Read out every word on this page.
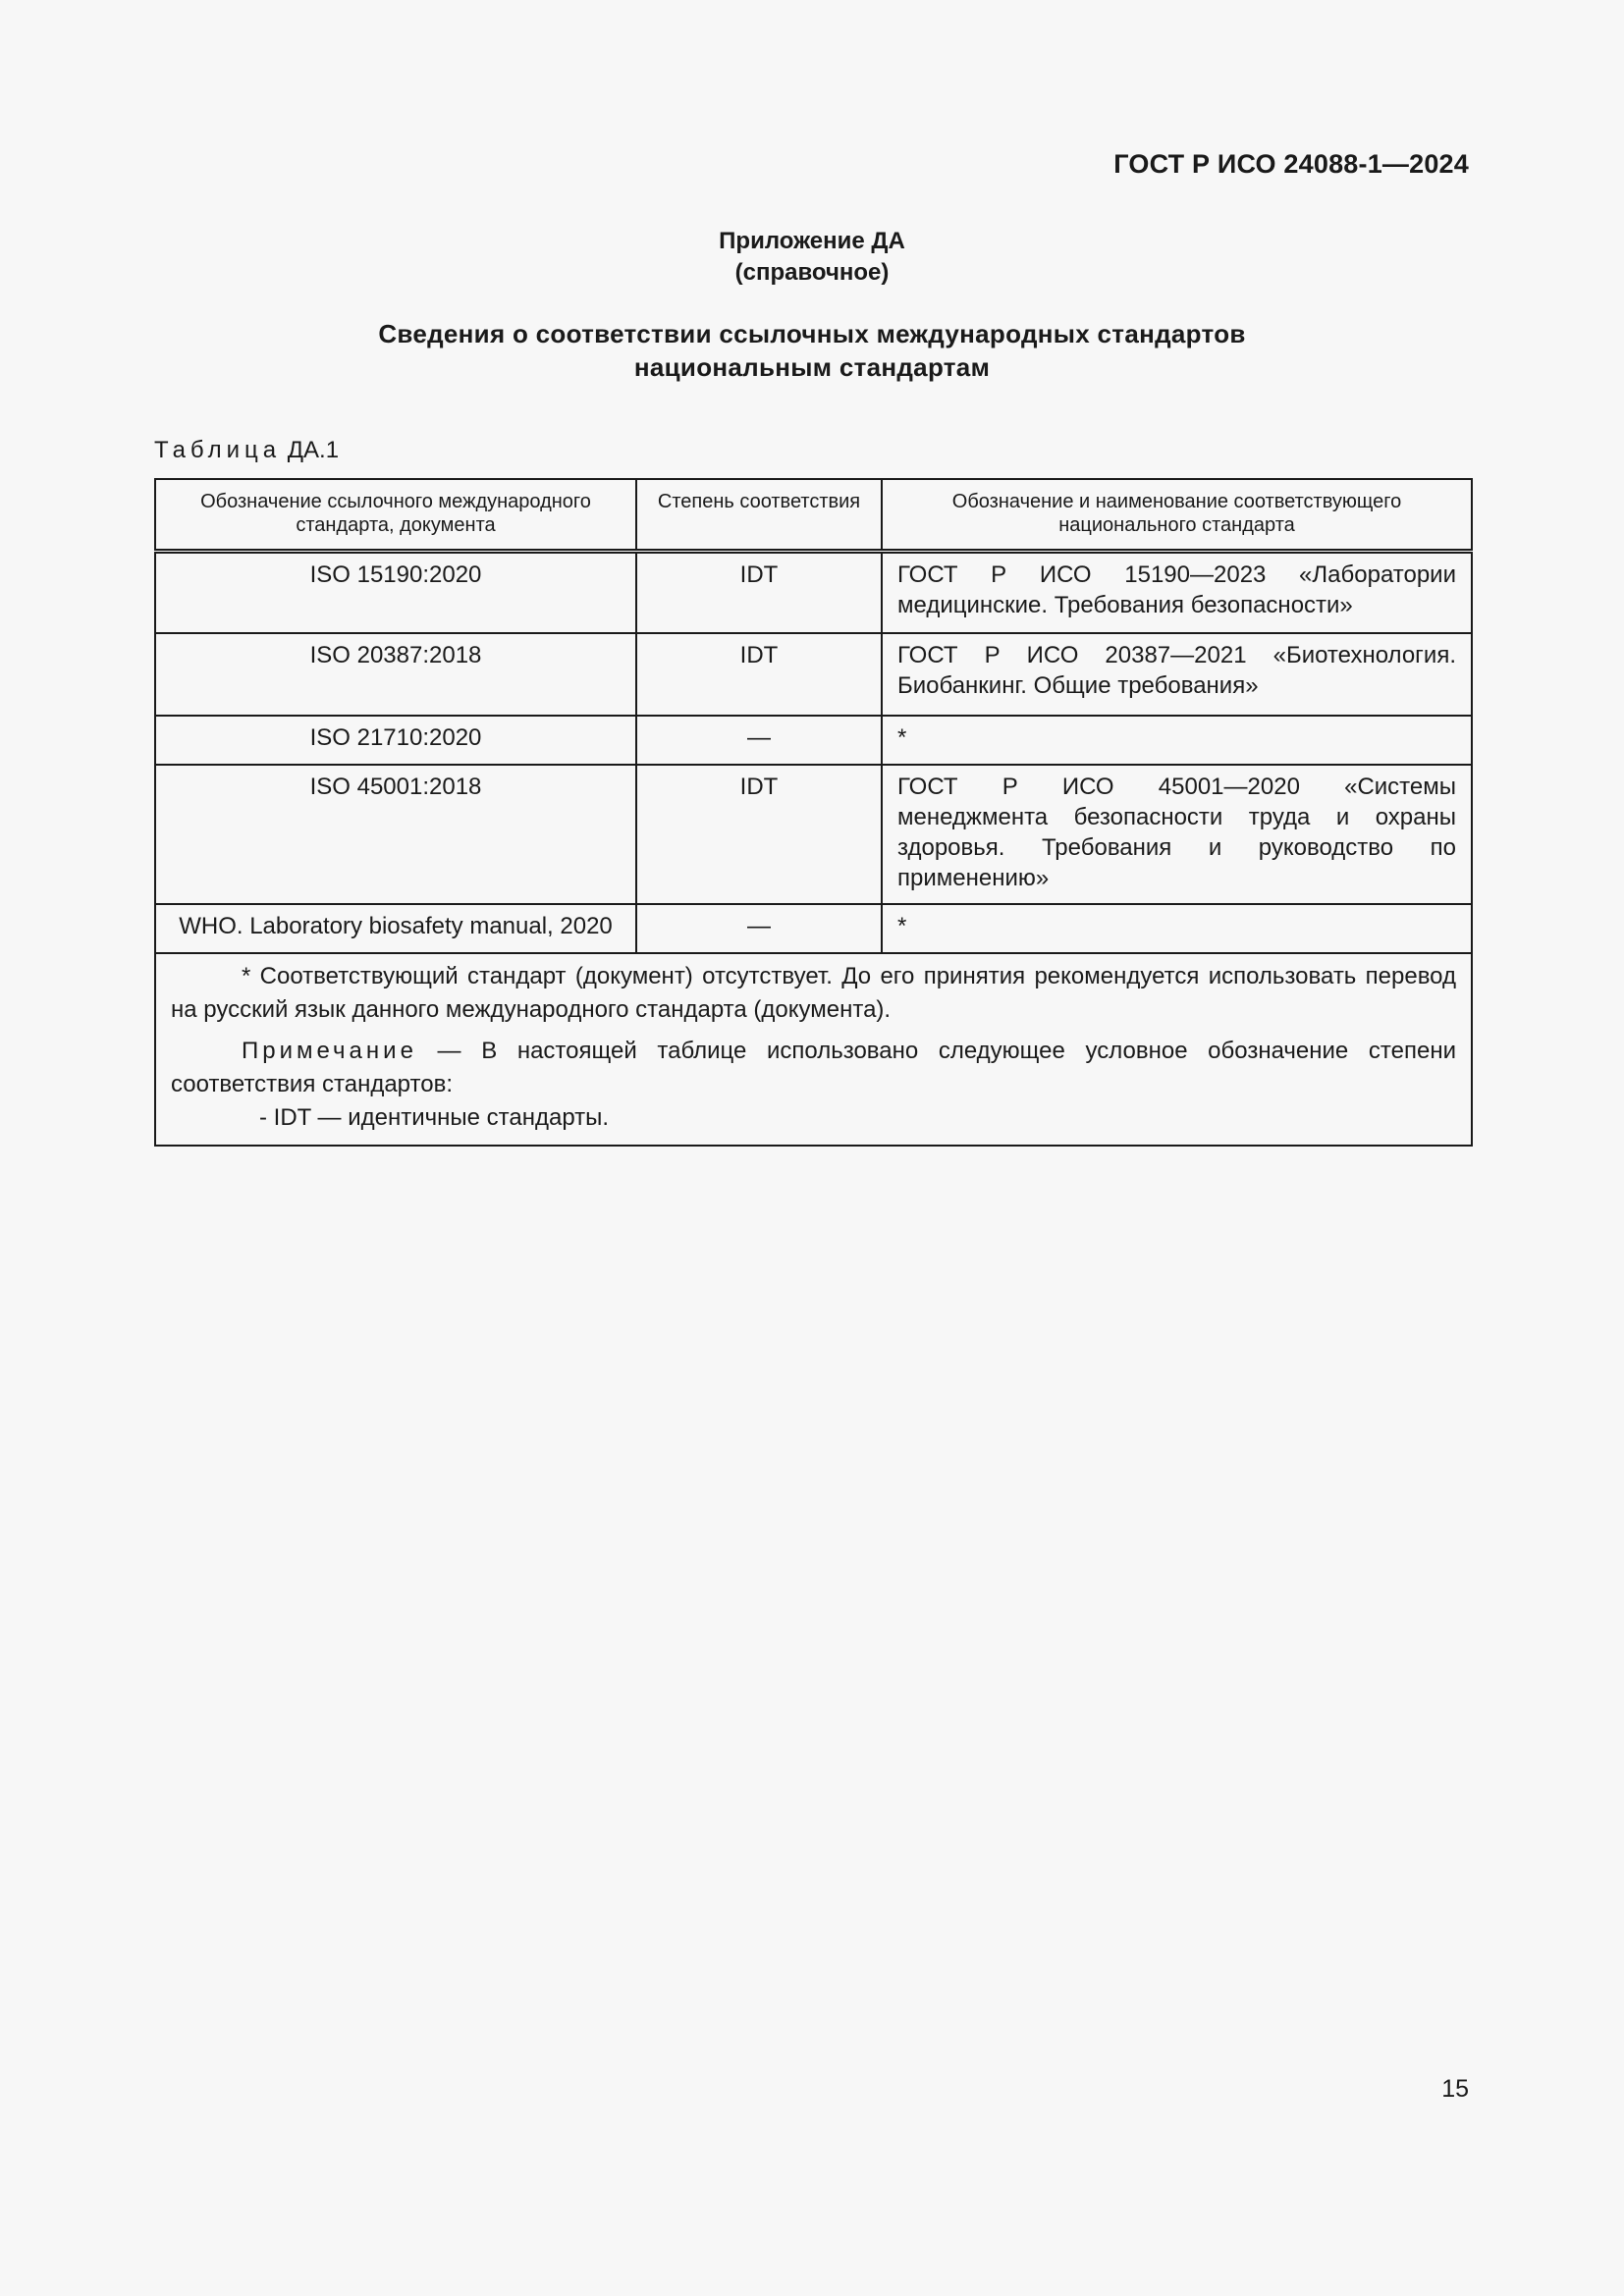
ГОСТ Р ИСО 24088-1—2024
Приложение ДА
(справочное)
Сведения о соответствии ссылочных международных стандартов
национальным стандартам
Таблица ДА.1
Обозначение ссылочного международного стандарта, документа	Степень соответствия	Обозначение и наименование соответствующего национального стандарта
ISO 15190:2020	IDT	ГОСТ Р ИСО 15190—2023 «Лаборатории медицинские. Требования безопасности»
ISO 20387:2018	IDT	ГОСТ Р ИСО 20387—2021 «Биотехнология. Биобанкинг. Общие требования»
ISO 21710:2020	—	*
ISO 45001:2018	IDT	ГОСТ Р ИСО 45001—2020 «Системы менеджмента безопасности труда и охраны здоровья. Требования и руководство по применению»
WHO. Laboratory biosafety manual, 2020	—	*

* Соответствующий стандарт (документ) отсутствует. До его принятия рекомендуется использовать перевод на русский язык данного международного стандарта (документа).

Примечание — В настоящей таблице использовано следующее условное обозначение степени соответствия стандартов:

- IDT — идентичные стандарты.		
15
